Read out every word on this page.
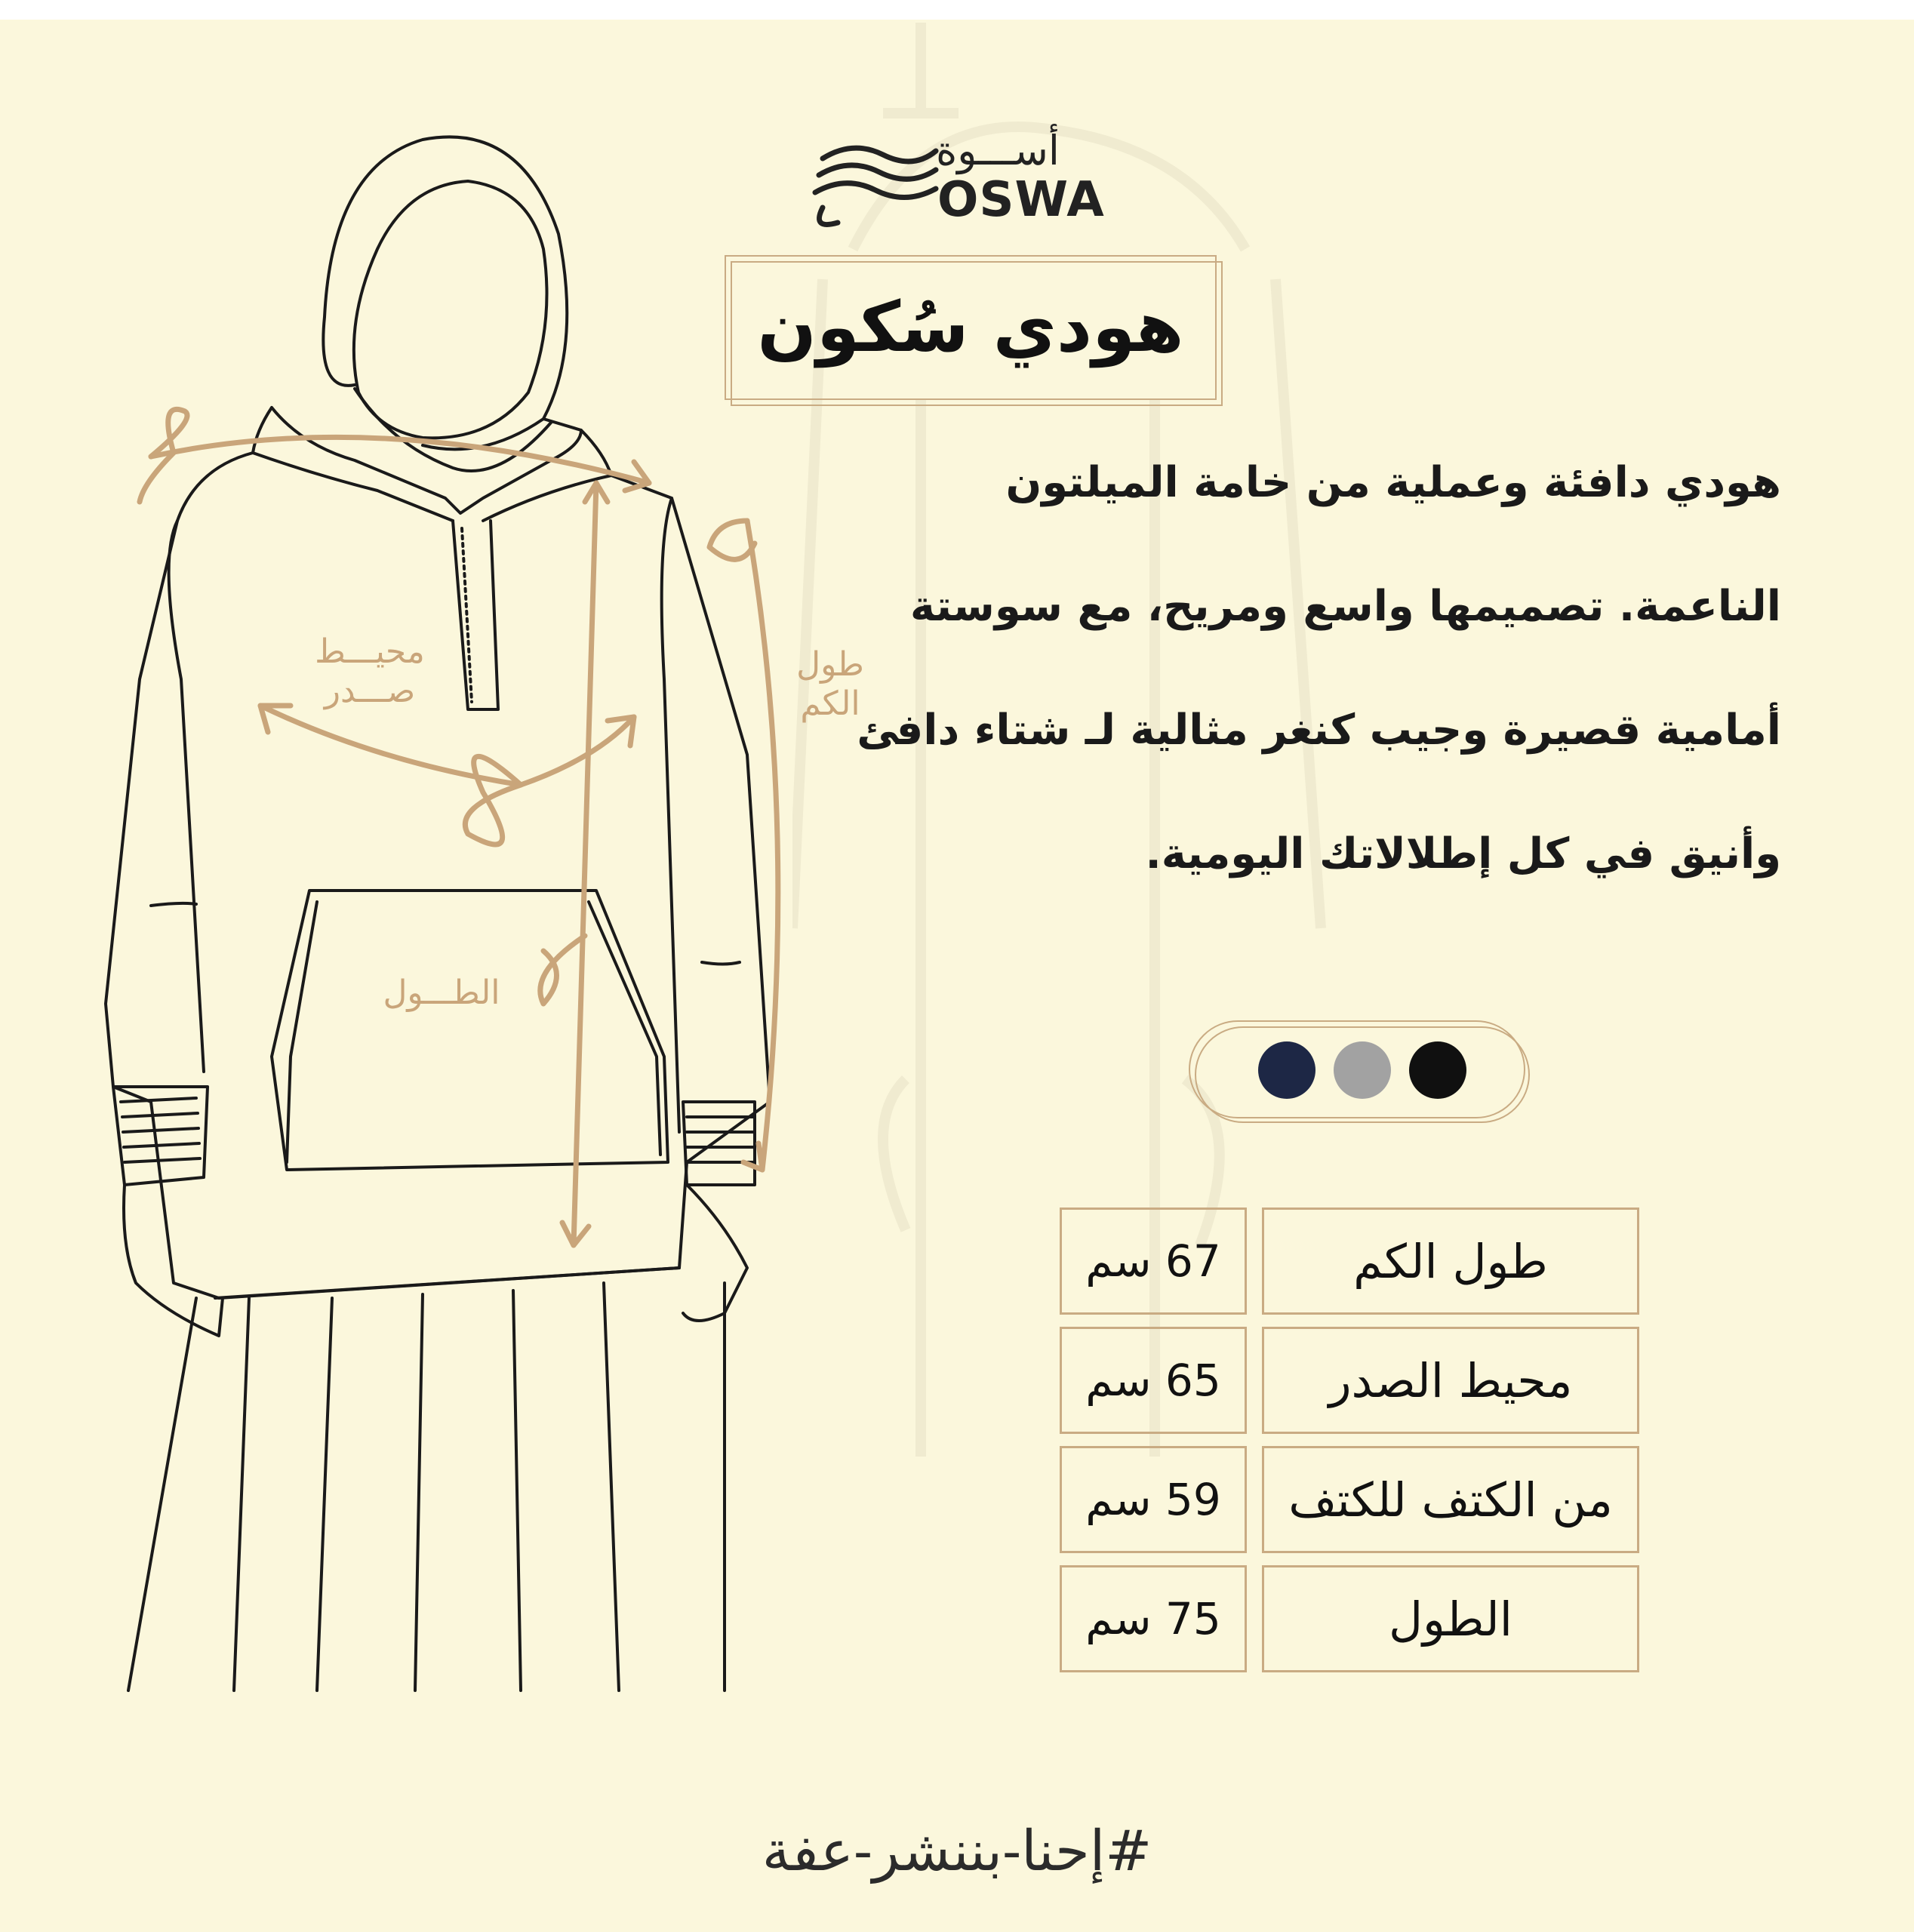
محيـــط
صـــدر
طول
الكم
الطـــول
أســـوة
OSWA
هودي سُكون
هودي دافئة وعملية من خامة الميلتون
الناعمة. تصميمها واسع ومريح، مع سوستة
أمامية قصيرة وجيب كنغر مثالية لـ شتاء دافئ
وأنيق في كل إطلالاتك اليومية.
طول الكم
67 سم
محيط الصدر
65 سم
من الكتف للكتف
59 سم
الطول
75 سم
#إحنا-بننشر-عفة
